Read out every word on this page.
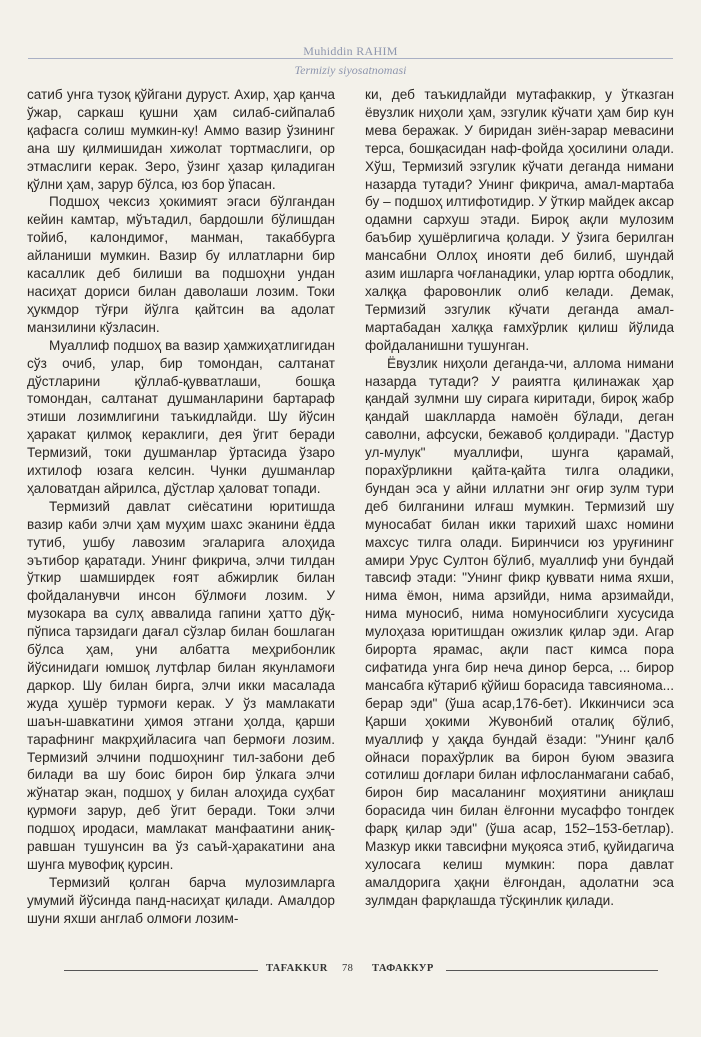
Muhiddin RAHIM
Termiziy siyosatnomasi

сатиб унга тузоқ қўйгани дуруст. Ахир, ҳар қанча ўжар, саркаш қушни ҳам силаб-сийпалаб қафасга солиш мумкин-ку! Аммо вазир ўзининг ана шу қилмишидан хижолат тортмаслиги, ор этмаслиги керак. Зеро, ўзинг ҳазар қиладиган қўлни ҳам, зарур бўлса, юз бор ўпасан.

Подшоҳ чексиз ҳокимият эгаси бўлгандан кейин камтар, мўътадил, бардошли бўлишдан тойиб, калондимоғ, манман, такаббурга айланиши мумкин. Вазир бу иллатларни бир касаллик деб билиши ва подшоҳни ундан насиҳат дориси билан даволаши лозим. Токи ҳукмдор тўғри йўлга қайтсин ва адолат манзилини кўзласин.

Муаллиф подшоҳ ва вазир ҳамжиҳатлигидан сўз очиб, улар, бир томондан, салтанат дўстларини қўллаб-қувватлаши, бошқа томондан, салтанат душманларини бартараф этиши лозимлигини таъкидлайди. Шу йўсин ҳаракат қилмоқ кераклиги, дея ўгит беради Термизий, токи душманлар ўртасида ўзаро ихтилоф юзага келсин. Чунки душманлар ҳаловатдан айрилса, дўстлар ҳаловат топади.

Термизий давлат сиёсатини юритишда вазир каби элчи ҳам муҳим шахс эканини ёдда тутиб, ушбу лавозим эгаларига алоҳида эътибор қаратади. Унинг фикрича, элчи тилдан ўткир шамширдек ғоят абжирлик билан фойдаланувчи инсон бўлмоғи лозим. У музокара ва сулҳ аввалида гапини ҳатто дўқ-пўписа тарзидаги дағал сўзлар билан бошлаган бўлса ҳам, уни албатта меҳрибонлик йўсинидаги юмшоқ лутфлар билан якунламоғи даркор. Шу билан бирга, элчи икки масалада жуда ҳушёр турмоғи керак. У ўз мамлакати шаън-шавкатини ҳимоя этгани ҳолда, қарши тарафнинг макрҳийласига чап бермоғи лозим. Термизий элчини подшоҳнинг тил-забони деб билади ва шу боис бирон бир ўлкага элчи жўнатар экан, подшоҳ у билан алоҳида суҳбат қурмоғи зарур, деб ўгит беради. Токи элчи подшоҳ иродаси, мамлакат манфаатини аниқ-равшан тушунсин ва ўз саъй-ҳаракатини ана шунга мувофиқ қурсин.

Термизий қолган барча мулозимларга умумий йўсинда панд-насиҳат қилади. Амалдор шуни яхши англаб олмоғи лозим-

ки, деб таъкидлайди мутафаккир, у ўтказган ёвузлик ниҳоли ҳам, эзгулик кўчати ҳам бир кун мева беражак. У биридан зиён-зарар мевасини терса, бошқасидан наф-фойда ҳосилини олади. Хўш, Термизий эзгулик кўчати деганда нимани назарда тутади? Унинг фикрича, амал-мартаба бу – подшоҳ илтифотидир. У ўткир майдек аксар одамни сархуш этади. Бироқ ақли мулозим баъбир ҳушёрлигича қолади. У ўзига берилган мансабни Оллоҳ инояти деб билиб, шундай азим ишларга чоғланадики, улар юртга ободлик, халққа фаровонлик олиб келади. Демак, Термизий эзгулик кўчати деганда амал-мартабадан халққа ғамхўрлик қилиш йўлида фойдаланишни тушунган.

Ёвузлик ниҳоли деганда-чи, алломa нимани назарда тутади? У раиятга қилинажак ҳар қандай зулмни шу сирага киритади, бироқ жабр қандай шаклларда намоён бўлади, деган саволни, афсуски, бежавоб қолдиради. "Дастур ул-мулук" муаллифи, шунга қарамай, порахўрликни қайта-қайта тилга оладики, бундан эса у айни иллатни энг оғир зулм тури деб билганини илғаш мумкин. Термизий шу муносабат билан икки тарихий шахс номини махсус тилга олади. Биринчиси юз уруғининг амири Урус Султон бўлиб, муаллиф уни бундай тавсиф этади: "Унинг фикр қуввати нима яхши, нима ёмон, нима арзийди, нима арзимайди, нима муносиб, нима номуносиблиги хусусида мулоҳаза юритишдан ожизлик қилар эди. Агар бирорта ярамас, ақли паст кимса пора сифатида унга бир неча динор берса, ... бирор мансабга кўтариб қўйиш борасида тавсиянома... берар эди" (ўша асар,176-бет). Иккинчиси эса Қарши ҳокими Жувонбий оталиқ бўлиб, муаллиф у ҳақда бундай ёзади: "Унинг қалб ойнаси порахўрлик ва бирон буюм эвазига сотилиш доғлари билан ифлосланмагани сабаб, бирон бир масаланинг моҳиятини аниқлаш борасида чин билан ёлғонни мусаффо тонгдек фарқ қилар эди" (ўша асар, 152–153-бетлар). Мазкур икки тавсифни муқояса этиб, қуйидагича хулосага келиш мумкин: пора давлат амалдорига ҳақни ёлғондан, адолатни эса зулмдан фарқлашда тўсқинлик қилади.

TAFAKKUR 78 ТАФАККУР
